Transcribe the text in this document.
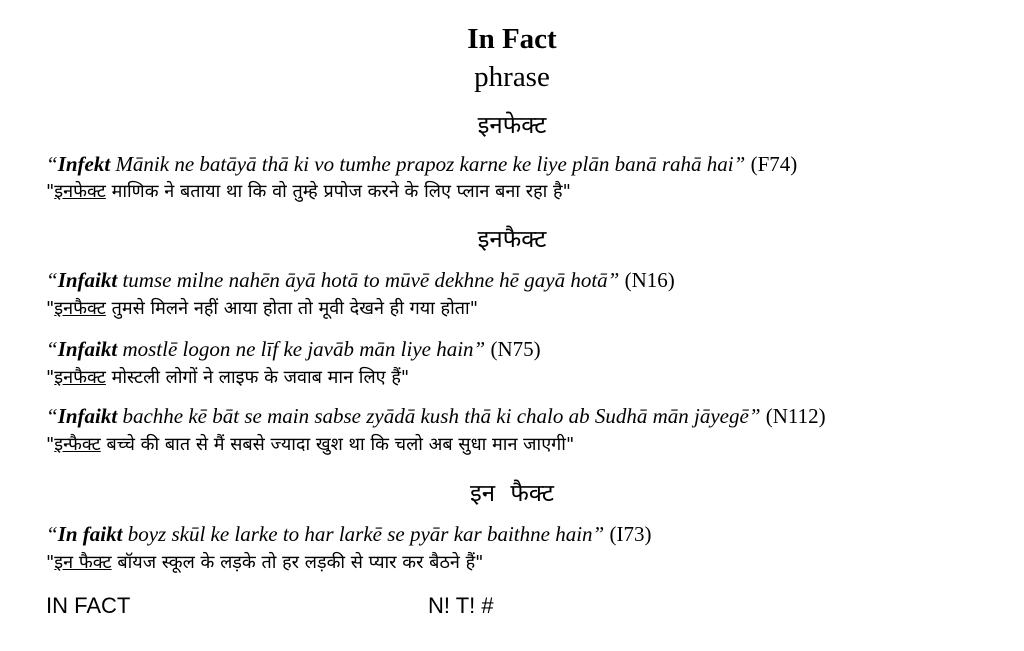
In Fact
phrase
इनफेक्ट
“Infekt Mānik ne batāyā thā ki vo tumhe prapoz karne ke liye plān banā rahā hai” (F74)
"इनफेक्ट माणिक ने बताया था कि वो तुम्हे प्रपोज करने के लिए प्लान बना रहा है"
इनफैक्ट
“Infaikt tumse milne nahēn āyā hotā to mūvē dekhne hē gayā hotā” (N16)
"इनफैक्ट तुमसे मिलने नहीं आया होता तो मूवी देखने ही गया होता"
“Infaikt mostlē logon ne līf ke javāb mān liye hain” (N75)
"इनफैक्ट मोस्टली लोगों ने लाइफ के जवाब मान लिए हैं"
“Infaikt bachhe kē bāt se main sabse zyādā kush thā ki chalo ab Sudhā mān jāyegē” (N112)
"इन्फैक्ट बच्चे की बात से मैं सबसे ज्यादा खुश था कि चलो अब सुधा मान जाएगी"
इन  फैक्ट
“In faikt boyz skūl ke larke to har larkē se pyār kar baithne hain” (I73)
"इन फैक्ट बॉयज स्कूल के लड़के तो हर लड़की से प्यार कर बैठने हैं"
IN FACT	N! T! #
